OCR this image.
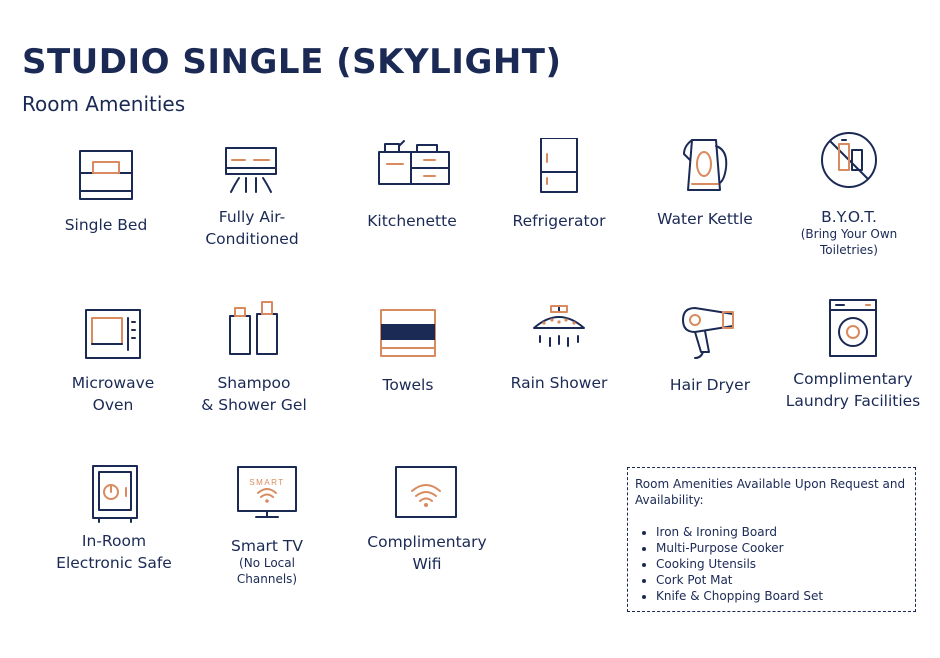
STUDIO SINGLE (SKYLIGHT)
Room Amenities
Single Bed	Fully Air-
Conditioned
Kitchenette	Refrigerator	Water Kettle	B.Y.O.T.
(Bring Your Own
Toiletries)
Microwave
Oven
Shampoo
& Shower Gel
Towels	Rain Shower	Hair Dryer	Complimentary
Laundry Facilities
In-Room
Electronic Safe
SMART
Smart TV
(No Local
Channels)
Complimentary
Wifi
Room Amenities Available Upon Request and Availability:
• Iron & Ironing Board
• Multi-Purpose Cooker
• Cooking Utensils
• Cork Pot Mat
• Knife & Chopping Board Set
